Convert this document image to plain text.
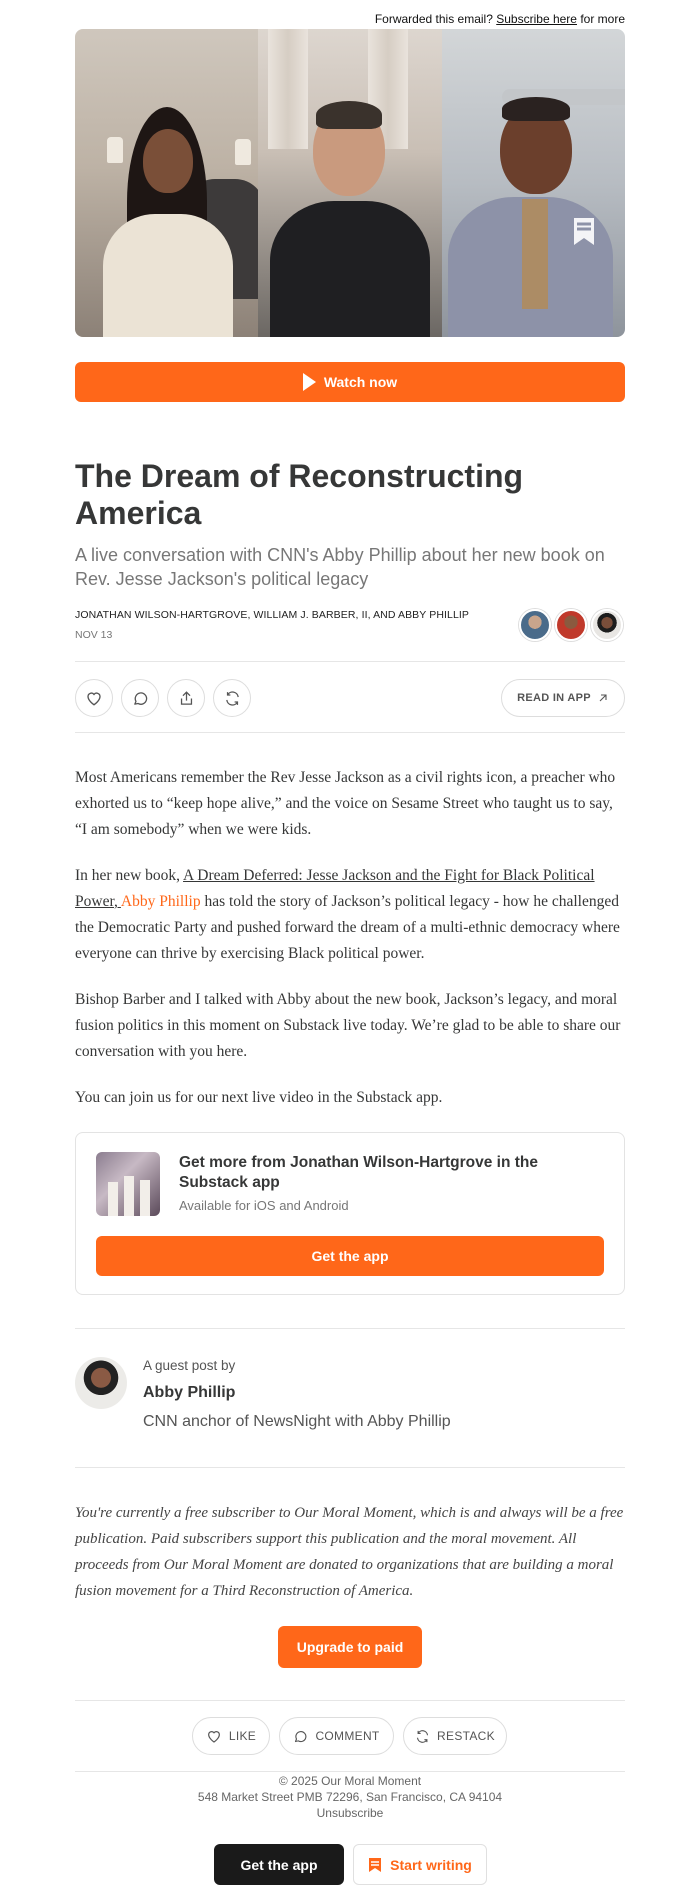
Forwarded this email? Subscribe here for more
Watch now
The Dream of Reconstructing America
A live conversation with CNN's Abby Phillip about her new book on Rev. Jesse Jackson's political legacy
JONATHAN WILSON-HARTGROVE, WILLIAM J. BARBER, II, AND ABBY PHILLIP
NOV 13
READ IN APP

Most Americans remember the Rev Jesse Jackson as a civil rights icon, a preacher who exhorted us to “keep hope alive,” and the voice on Sesame Street who taught us to say, “I am somebody” when we were kids.

In her new book, A Dream Deferred: Jesse Jackson and the Fight for Black Political Power, Abby Phillip has told the story of Jackson’s political legacy - how he challenged the Democratic Party and pushed forward the dream of a multi-ethnic democracy where everyone can thrive by exercising Black political power.

Bishop Barber and I talked with Abby about the new book, Jackson’s legacy, and moral fusion politics in this moment on Substack live today. We’re glad to be able to share our conversation with you here.

You can join us for our next live video in the Substack app.

Get more from Jonathan Wilson-Hartgrove in the Substack app
Available for iOS and Android
Get the app
A guest post by
Abby Phillip
CNN anchor of NewsNight with Abby Phillip

You're currently a free subscriber to Our Moral Moment, which is and always will be a free publication. Paid subscribers support this publication and the moral movement. All proceeds from Our Moral Moment are donated to organizations that are building a moral fusion movement for a Third Reconstruction of America.

Upgrade to paid
LIKE	COMMENT	RESTACK
© 2025 Our Moral Moment
548 Market Street PMB 72296, San Francisco, CA 94104
Unsubscribe
Get the app	Start writing
